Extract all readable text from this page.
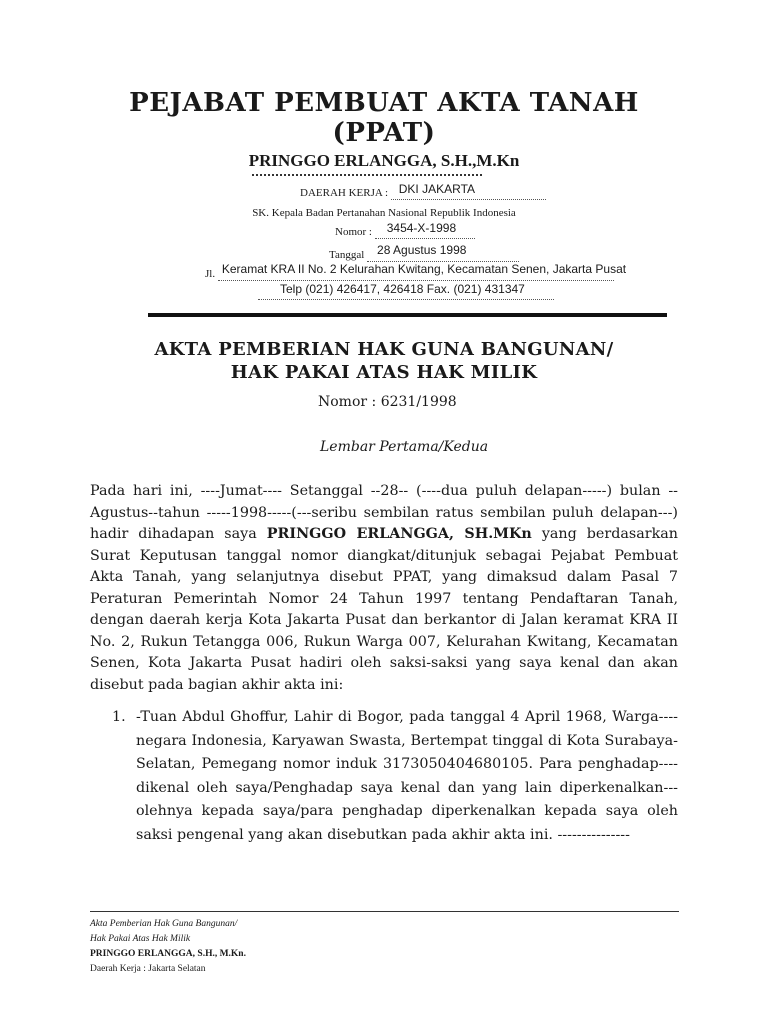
PEJABAT PEMBUAT AKTA TANAH
(PPAT)
PRINGGO ERLANGGA, S.H.,M.Kn
DAERAH KERJA : DKI JAKARTA

SK. Kepala Badan Pertanahan Nasional Republik Indonesia
Nomor : 3454-X-1998

Tanggal 28 Agustus 1998

Jl. Keramat KRA II No. 2 Kelurahan Kwitang, Kecamatan Senen, Jakarta Pusat

Telp (021) 426417, 426418 Fax. (021) 431347

AKTA PEMBERIAN HAK GUNA BANGUNAN/
HAK PAKAI ATAS HAK MILIK
Nomor : 6231/1998
Lembar Pertama/Kedua
Pada hari ini, ----Jumat---- Setanggal --28-- (----dua puluh delapan-----) bulan --Agustus--tahun -----1998-----(---seribu sembilan ratus sembilan puluh delapan---) hadir dihadapan saya PRINGGO ERLANGGA, SH.MKn yang berdasarkan Surat Keputusan tanggal nomor diangkat/ditunjuk sebagai Pejabat Pembuat Akta Tanah, yang selanjutnya disebut PPAT, yang dimaksud dalam Pasal 7 Peraturan Pemerintah Nomor 24 Tahun 1997 tentang Pendaftaran Tanah, dengan daerah kerja Kota Jakarta Pusat dan berkantor di Jalan keramat KRA II No. 2, Rukun Tetangga 006, Rukun Warga 007, Kelurahan Kwitang, Kecamatan Senen, Kota Jakarta Pusat hadiri oleh saksi-saksi yang saya kenal dan akan disebut pada bagian akhir akta ini:
1. -Tuan Abdul Ghoffur, Lahir di Bogor, pada tanggal 4 April 1968, Warga----negara Indonesia, Karyawan Swasta, Bertempat tinggal di Kota Surabaya-Selatan, Pemegang nomor induk 3173050404680105. Para penghadap----dikenal oleh saya/Penghadap saya kenal dan yang lain diperkenalkan---olehnya kepada saya/para penghadap diperkenalkan kepada saya oleh saksi pengenal yang akan disebutkan pada akhir akta ini. ---------------
Akta Pemberian Hak Guna Bangunan/
Hak Pakai Atas Hak Milik
PRINGGO ERLANGGA, S.H., M.Kn.
Daerah Kerja : Jakarta Selatan
